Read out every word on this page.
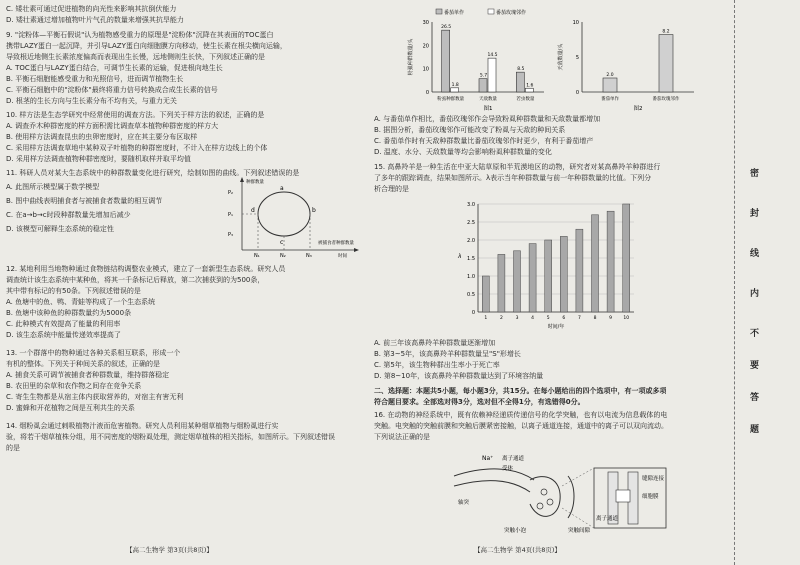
C. 矮壮素可通过促进植物的向光性来影响其抗倒伏能力
D. 矮壮素通过增加植物叶片气孔的数量来增强其抗旱能力
9. "淀粉体—平衡石假说"认为植物感受重力的原理是"淀粉体"沉降在其表面的TOC蛋白
携带LAZY蛋白一起沉降，并引导LAZY蛋白向细胞膜方向移动，使生长素在根尖横向运输，
导致根近地侧生长素浓度偏高而表现出生长慢，远地侧则生长快，下列叙述正确的是
A. TOC蛋白与LAZY蛋白结合，可调节生长素的运输，促进根向地生长
B. 平衡石细胞能感受重力和光照信号，进而调节植物生长
C. 平衡石细胞中的"淀粉体"最终将重力信号转换成合成生长素的信号
D. 根茎的生长方向与生长素分布不均有关，与重力无关
10. 样方法是生态学研究中经常使用的调查方法。下列关于样方法的叙述，正确的是
A. 调查乔木种群密度的样方面积需比调查草本植物种群密度的样方大
B. 使用样方法调查昆虫的虫卵密度时，应在其主要分布区取样
C. 采用样方法调查草地中某种双子叶植物的种群密度时，不计入在样方边线上的个体
D. 采用样方法调查植物种群密度时，要随机取样并取平均值
11. 科研人员对某大生态系统中的种群数量变化进行研究，绘制如图的曲线。下列叙述错误的是
A. 此图所示模型属于数学模型
B. 图中曲线表明捕食者与被捕食者数量的相互调节
C. 在a→b→c时段种群数量先增加后减少
D. 该模型可解释生态系统的稳定性
a
b
c
d
P₂
P₁
P₃
N₁	N₂	N₃
被捕食者种群数量
种群数量
时间
12. 某地利用当地物种通过食物链结构调整农业模式，建立了一套新型生态系统。研究人员
调查统计该生态系统中某种鱼，将其一千条标记后释放，第二次捕获到的为500条，
其中带有标记的有50条。下列叙述错误的是
A. 鱼塘中的鱼、鸭、青蛙等构成了一个生态系统
B. 鱼塘中该种鱼的种群数量约为5000条
C. 此种模式有效提高了能量的利用率
D. 该生态系统中能量传递效率提高了
13. 一个群落中的物种通过各种关系相互联系，形成一个
有机的整体。下列关于种间关系的叙述，正确的是
A. 捕食关系可调节被捕食者种群数量，维持群落稳定
B. 农田里的杂草和农作物之间存在竞争关系
C. 寄生生物都是从宿主体内获取营养的，对宿主有害无利
D. 蜜蜂和开花植物之间是互利共生的关系
14. 烟粉虱会通过刺吸植物汁液而危害植物。研究人员利用某种烟草植物与烟粉虱进行实
验，将若干烟草植株分组，用不同密度的烟粉虱处理，测定烟草植株的相关指标，如图所示。下列叙述错误
的是
【高二生物学 第3页(共8页)】
0
10
20
30
粉虱种群数量/头
番茄单作	番茄玫瑰邻作
26.5
1.8
粉虱种群数量
5.7
14.5
天敌数量
8.5
1.6
若虫数量
图1
0
5
10
天敌数量/头
2.0
番茄单作
8.2
番茄玫瑰邻作
图2
A. 与番茄单作相比，番茄玫瑰邻作会导致粉虱种群数量和天敌数量都增加
B. 据图分析，番茄玫瑰邻作可能改变了粉虱与天敌的种间关系
C. 番茄单作时有天敌种群数量比番茄玫瑰邻作时更少，有利于番茄增产
D. 温度、水分、天敌数量等均会影响粉虱种群数量的变化
15. 高鼻羚羊是一种生活在中亚大陆草原和半荒漠地区的动物，研究者对某高鼻羚羊种群进行
了多年的跟踪调查，结果如图所示。λ表示当年种群数量与前一年种群数量的比值。下列分
析合理的是
0
0.5
1.0
1.5
2.0
2.5
3.0
λ
1	2	3	4	5	6	7	8	9	10
时间/年
A. 前三年该高鼻羚羊种群数量逐渐增加
B. 第3~5年，该高鼻羚羊种群数量呈"S"形增长
C. 第5年，该生物种群出生率小于死亡率
D. 第8~10年，该高鼻羚羊种群数量达到了环境容纳量
二、选择题：本题共5小题，每小题3分，共15分。在每小题给出的四个选项中，有一项或多项
符合题目要求。全部选对得3分，选对但不全得1分，有选错得0分。
16. 在动物的神经系统中，既有依赖神经递质传递信号的化学突触，也有以电流为信息载体的电
突触。电突触的突触前膜和突触后膜紧密接触，以离子通道连接，通道中的离子可以双向流动。
下列说法正确的是
Na⁺ 离子通道
受体
轴突
突触小泡	突触间隙
缝隙连接
细胞膜
离子通道
【高二生物学 第4页(共8页)】
密
封
线
内
不
要
答
题
